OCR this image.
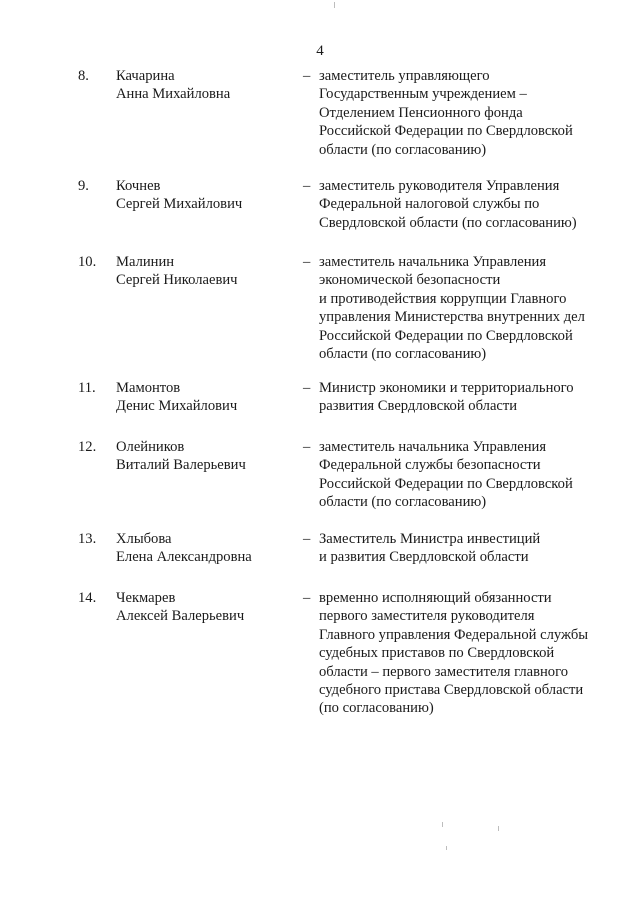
4
8. Качарина
Анна Михайловна
– заместитель управляющего
Государственным учреждением –
Отделением Пенсионного фонда
Российской Федерации по Свердловской
области (по согласованию)
9. Кочнев
Сергей Михайлович
– заместитель руководителя Управления
Федеральной налоговой службы по
Свердловской области (по согласованию)
10. Малинин
Сергей Николаевич
– заместитель начальника Управления
экономической безопасности
и противодействия коррупции Главного
управления Министерства внутренних дел
Российской Федерации по Свердловской
области (по согласованию)
11. Мамонтов
Денис Михайлович
– Министр экономики и территориального
развития Свердловской области
12. Олейников
Виталий Валерьевич
– заместитель начальника Управления
Федеральной службы безопасности
Российской Федерации по Свердловской
области (по согласованию)
13. Хлыбова
Елена Александровна
– Заместитель Министра инвестиций
и развития Свердловской области
14. Чекмарев
Алексей Валерьевич
– временно исполняющий обязанности
первого заместителя руководителя
Главного управления Федеральной службы
судебных приставов по Свердловской
области – первого заместителя главного
судебного пристава Свердловской области
(по согласованию)
